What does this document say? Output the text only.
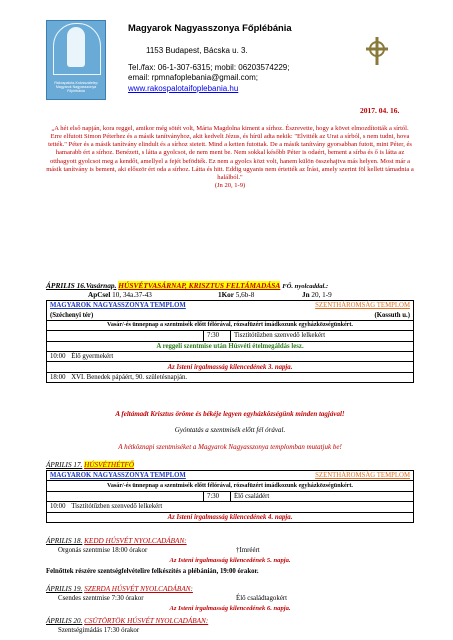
Rákospalota-Kulcsszátelep Magyarok Nagyasszonya Főplébánia
Magyarok Nagyasszonya Főplébánia
1153 Budapest, Bácska u. 3.
Tel./fax: 06-1-307-6315; mobil: 06203574229;
email: rpmnafoplebania@gmail.com;
www.rakospalotaifoplebania.hu
2017. 04. 16.
„A hét első napján, kora reggel, amikor még sötét volt, Mária Magdolna kiment a sírhoz. Észrevette, hogy a követ elmozdították a sírtól. Erre elfutott Simon Péterhez és a másik tanítványhoz, akit kedvelt Jézus, és hírül adta nekik: "Elvitték az Urat a sírból, s nem tudni, hova tették." Péter és a másik tanítvány elindult és a sírhoz sietett. Mind a ketten futottak. De a másik tanítvány gyorsabban futott, mint Péter, és hamarabb ért a sírhoz. Benézett, s látta a gyolcsot, de nem ment be. Nem sokkal később Péter is odaért, bement a sírba és ő is látta az otthagyott gyolcsot meg a kendőt, amellyel a fejét befödték. Ez nem a gyolcs közt volt, hanem külön összehajtva más helyen. Most már a másik tanítvány is bement, aki először ért oda a sírhoz. Látta és hitt. Eddig ugyanis nem értették az Írást, amely szerint föl kellett támadnia a halálból."
(Jn 20, 1-9)
ÁPRILIS 16.Vasárnap. HÚSVÉTVASÁRNAP, KRISZTUS FELTÁMADÁSA FŐ. nyolcaddal.:
ApCsel 10, 34a.37-43	1Kor 5,6b-8	Jn 20, 1-9
MAGYAROK NAGYASSZONYA TEMPLOM	SZENTHÁROMSÁG TEMPLOM

(Széchenyi tér)	(Kossuth u.)

Vasár/-és ünnepnap a szentmisék előtt félórával, rózsafüzért imádkozunk egyházközségünkért.
	7:30	Tisztítótűzben szenvedő lelkekért
A reggeli szentmise után Húsvéti ételmegáldás lesz.
10:00 Élő gyermekért
Az Isteni irgalmasság kilencedének 3. napja.
18:00 XVI. Benedek pápáért, 90. születésnapján.
A feltámadt Krisztus öröme és békéje legyen egyházközségünk minden tagjával!
Gyóntatás a szentmisék előtt fél órával.
A hétköznapi szentmiséket a Magyarok Nagyasszonya templomban mutatjuk be!
ÁPRILIS 17. HÚSVÉTHÉTFŐ
MAGYAROK NAGYASSZONYA TEMPLOM	SZENTHÁROMSÁG TEMPLOM

Vasár/-és ünnepnap a szentmisék előtt félórával, rózsafüzért imádkozunk egyházközségünkért.
	7:30	Élő családért
10:00 Tisztítótűzben szenvedő lelkekért
Az Isteni irgalmasság kilencedének 4. napja.
ÁPRILIS 18. KEDD HÚSVÉT NYOLCADÁBAN:
Orgonás szentmise 18:00 órakor	†Imréért
Az Isteni irgalmasság kilencedének 5. napja.
Felnőttek részére szentségfelvételire felkészítés a plébánián, 19:00 órakor.
ÁPRILIS 19. SZERDA HÚSVÉT NYOLCADÁBAN:
Csendes szentmise 7:30 órakor	Élő családtagokért
Az Isteni irgalmasság kilencedének 6. napja.
ÁPRILIS 20. CSÜTÖRTÖK HÚSVÉT NYOLCADÁBAN:
Szentségimádás 17:30 órakor
